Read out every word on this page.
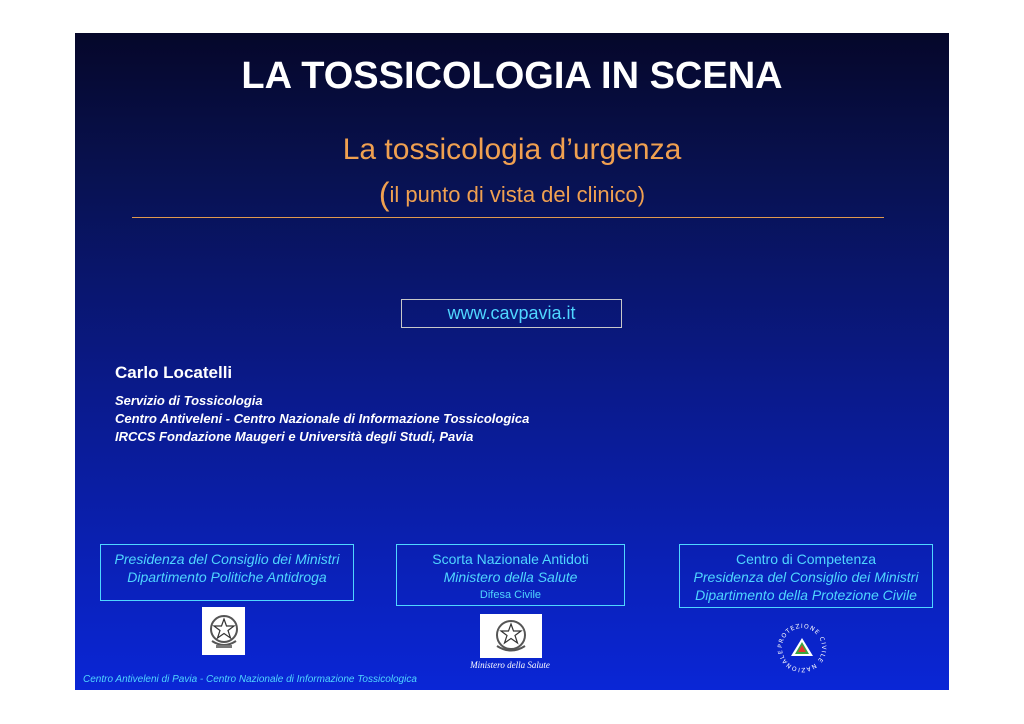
LA TOSSICOLOGIA IN SCENA
La tossicologia d’urgenza
(il punto di vista del clinico)
www.cavpavia.it
Carlo Locatelli
Servizio di Tossicologia
Centro Antiveleni - Centro Nazionale di Informazione Tossicologica
IRCCS Fondazione Maugeri e Università degli Studi, Pavia
Presidenza del Consiglio dei Ministri
Dipartimento Politiche Antidroga
Scorta Nazionale Antidoti
Ministero della Salute
Difesa Civile
Centro di Competenza
Presidenza del Consiglio dei Ministri
Dipartimento della Protezione Civile
Ministero della Salute
PROTEZIONE CIVILE NAZIONALE
Centro Antiveleni di Pavia - Centro Nazionale di Informazione Tossicologica
